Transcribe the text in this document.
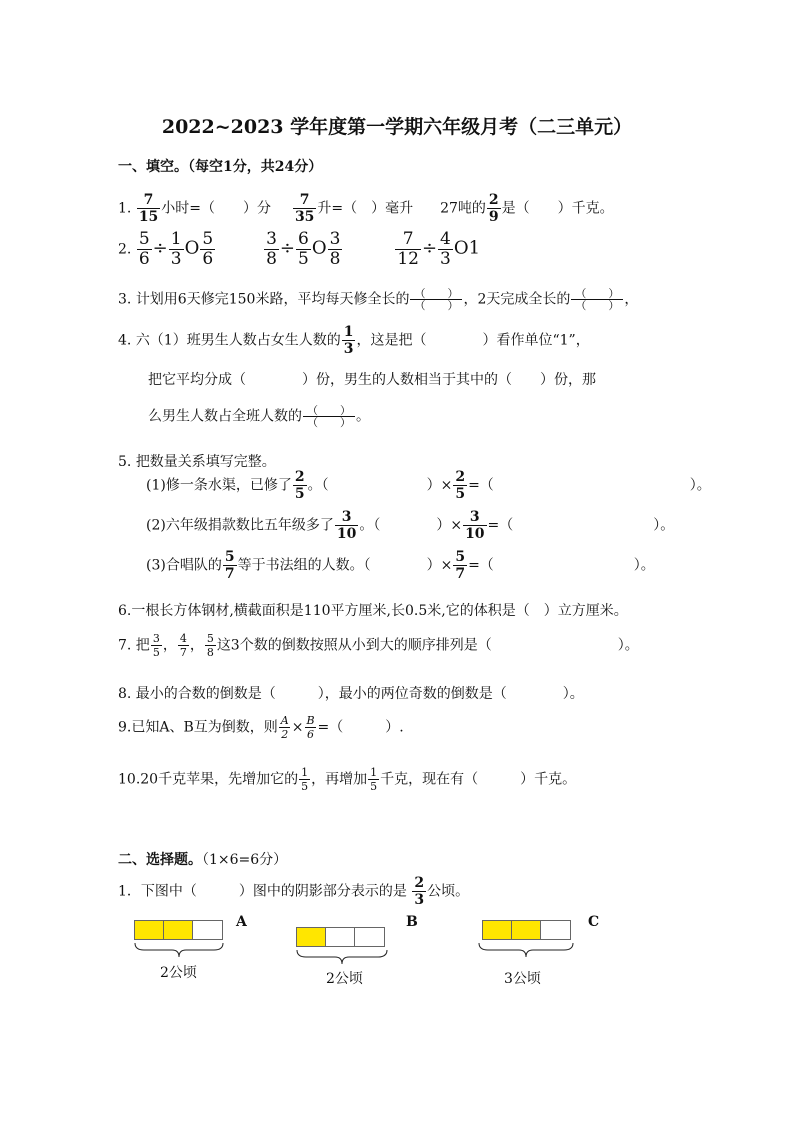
2022~2023 学年度第一学期六年级月考（二三单元）
一、填空。（每空1分，共24分）
1. $\frac{7}{15}$ 小时=（　　）分 $\frac{7}{35}$ 升=（　）毫升 27吨的 $\frac{2}{9}$ 是（　　）千克。
2. $\frac{5}{6} \div \frac{1}{3}$ O $\frac{5}{6}$
	$\frac{3}{8} \div \frac{6}{5}$ O $\frac{3}{8}$
	$\frac{7}{12} \div \frac{4}{3} O1$
3. 计划用6天修完150米路，平均每天修全长的 $\frac{( )}{( )}$ ，2天完成全长的 $\frac{( )}{( )}$ ，
4. 六（1）班男生人数占女生人数的 $\frac{1}{3}$ ，这是把（　　　　）看作单位“1”，
把它平均分成（　　　　）份，男生的人数相当于其中的（　　）份，那
么男生人数占全班人数的 $\frac{( )}{( )}$ 。
5. 把数量关系填写完整。
(1)修一条水渠，已修了 $\frac{2}{5}$ 。（　　　　　　　）× $\frac{2}{5}$ =（　　　　　　　　　　　　　　）。
(2)六年级捐款数比五年级多了 $\frac{3}{10}$ 。（　　　　）× $\frac{3}{10}$ =（　　　　　　　　　　）。
(3)合唱队的 $\frac{5}{7}$ 等于书法组的人数。（　　　　）× $\frac{5}{7}$ =（　　　　　　　　　　）。
6.一根长方体钢材,横截面积是110平方厘米,长0.5米,它的体积是（　）立方厘米。
7. 把 $\frac{3}{5}$ ， $\frac{4}{7}$ ， $\frac{5}{8}$ 这3个数的倒数按照从小到大的顺序排列是（　　　　　　　　　）。
8. 最小的合数的倒数是（　　　），最小的两位奇数的倒数是（　　　　）。
9.已知A、B互为倒数，则 $\frac{A}{2} \times \frac{B}{6}$ =（　　　）.
10.20千克苹果，先增加它的 $\frac{1}{5}$ ，再增加 $\frac{1}{5}$ 千克，现在有（　　　）千克。
二、选择题。（1×6=6分）
1．下图中（　　　）图中的阴影部分表示的是 $\frac{2}{3}$ 公顷。
A
2公顷
B
2公顷
C
3公顷
